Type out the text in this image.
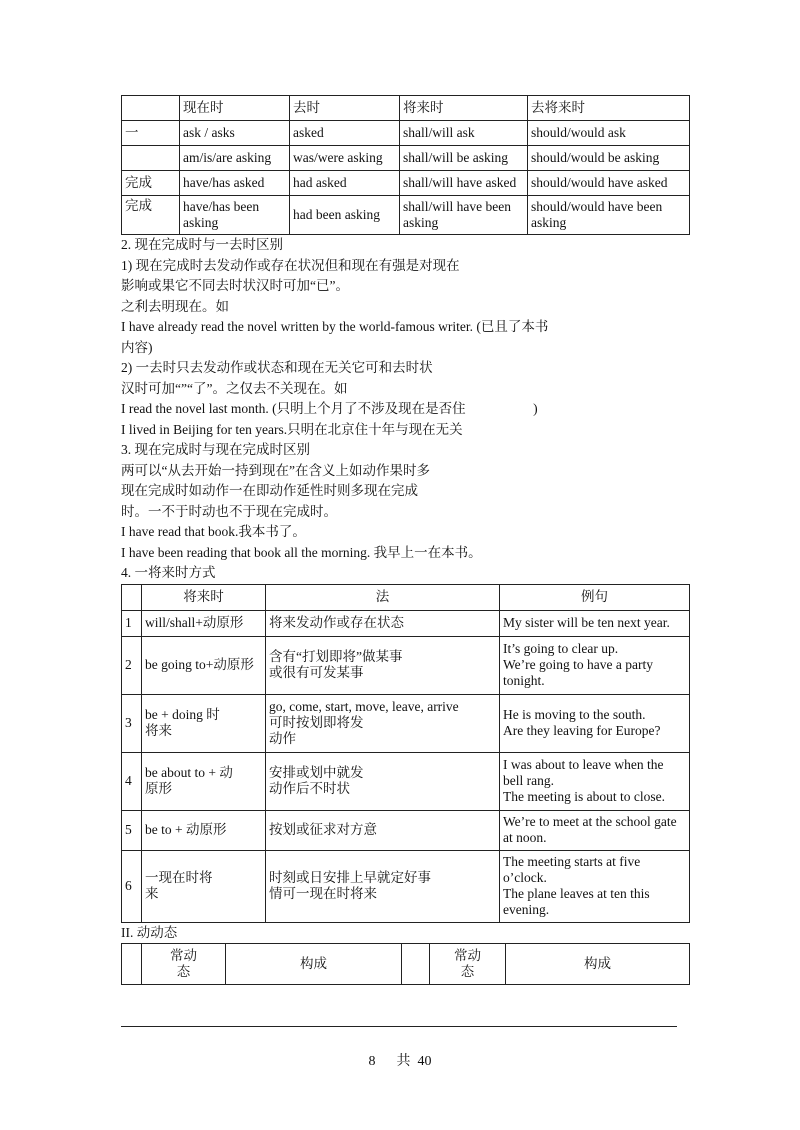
	现在时	去时	将来时	去将来时
一	ask / asks	asked	shall/will ask	should/would ask
	am/is/are asking	was/were asking	shall/will be asking	should/would be asking
完成	have/has asked	had asked	shall/will have asked	should/would have asked
完成	have/has been asking	had been asking	shall/will have been asking	should/would have been asking
2. 现在完成时与一去时区别
1) 现在完成时去发动作或存在状况但和现在有强是对现在
影响或果它不同去时状汉时可加“已”。
之利去明现在。如
I have already read the novel written by the world-famous writer. (已且了本书
内容)
2) 一去时只去发动作或状态和现在无关它可和去时状
汉时可加“”“了”。之仅去不关现在。如
I read the novel last month. (只明上个月了不涉及现在是否住                    )
I lived in Beijing for ten years.只明在北京住十年与现在无关
3. 现在完成时与现在完成时区别
两可以“从去开始一持到现在”在含义上如动作果时多
现在完成时如动作一在即动作延性时则多现在完成
时。一不于时动也不于现在完成时。
I have read that book.我本书了。
I have been reading that book all the morning. 我早上一在本书。
4. 一将来时方式
	将来时	法	例句
1	will/shall+动原形	将来发动作或存在状态	My sister will be ten next year.
2	be going to+动原形	含有“打划即将”做某事
或很有可发某事	It’s going to clear up.
We’re going to have a party tonight.
3	be + doing 时
将来	go, come, start, move, leave, arrive
可时按划即将发
动作	He is moving to the south.
Are they leaving for Europe?
4	be about to + 动
原形	安排或划中就发
动作后不时状	I was about to leave when the bell rang.
The meeting is about to close.
5	be to + 动原形	按划或征求对方意	We’re to meet at the school gate at noon.
6	一现在时将
来	时刻或日安排上早就定好事
情可一现在时将来	The meeting starts at five o’clock.
The plane leaves at ten this evening.
II. 动动态
	常动
态	构成		常动
态	构成
8 共  40
